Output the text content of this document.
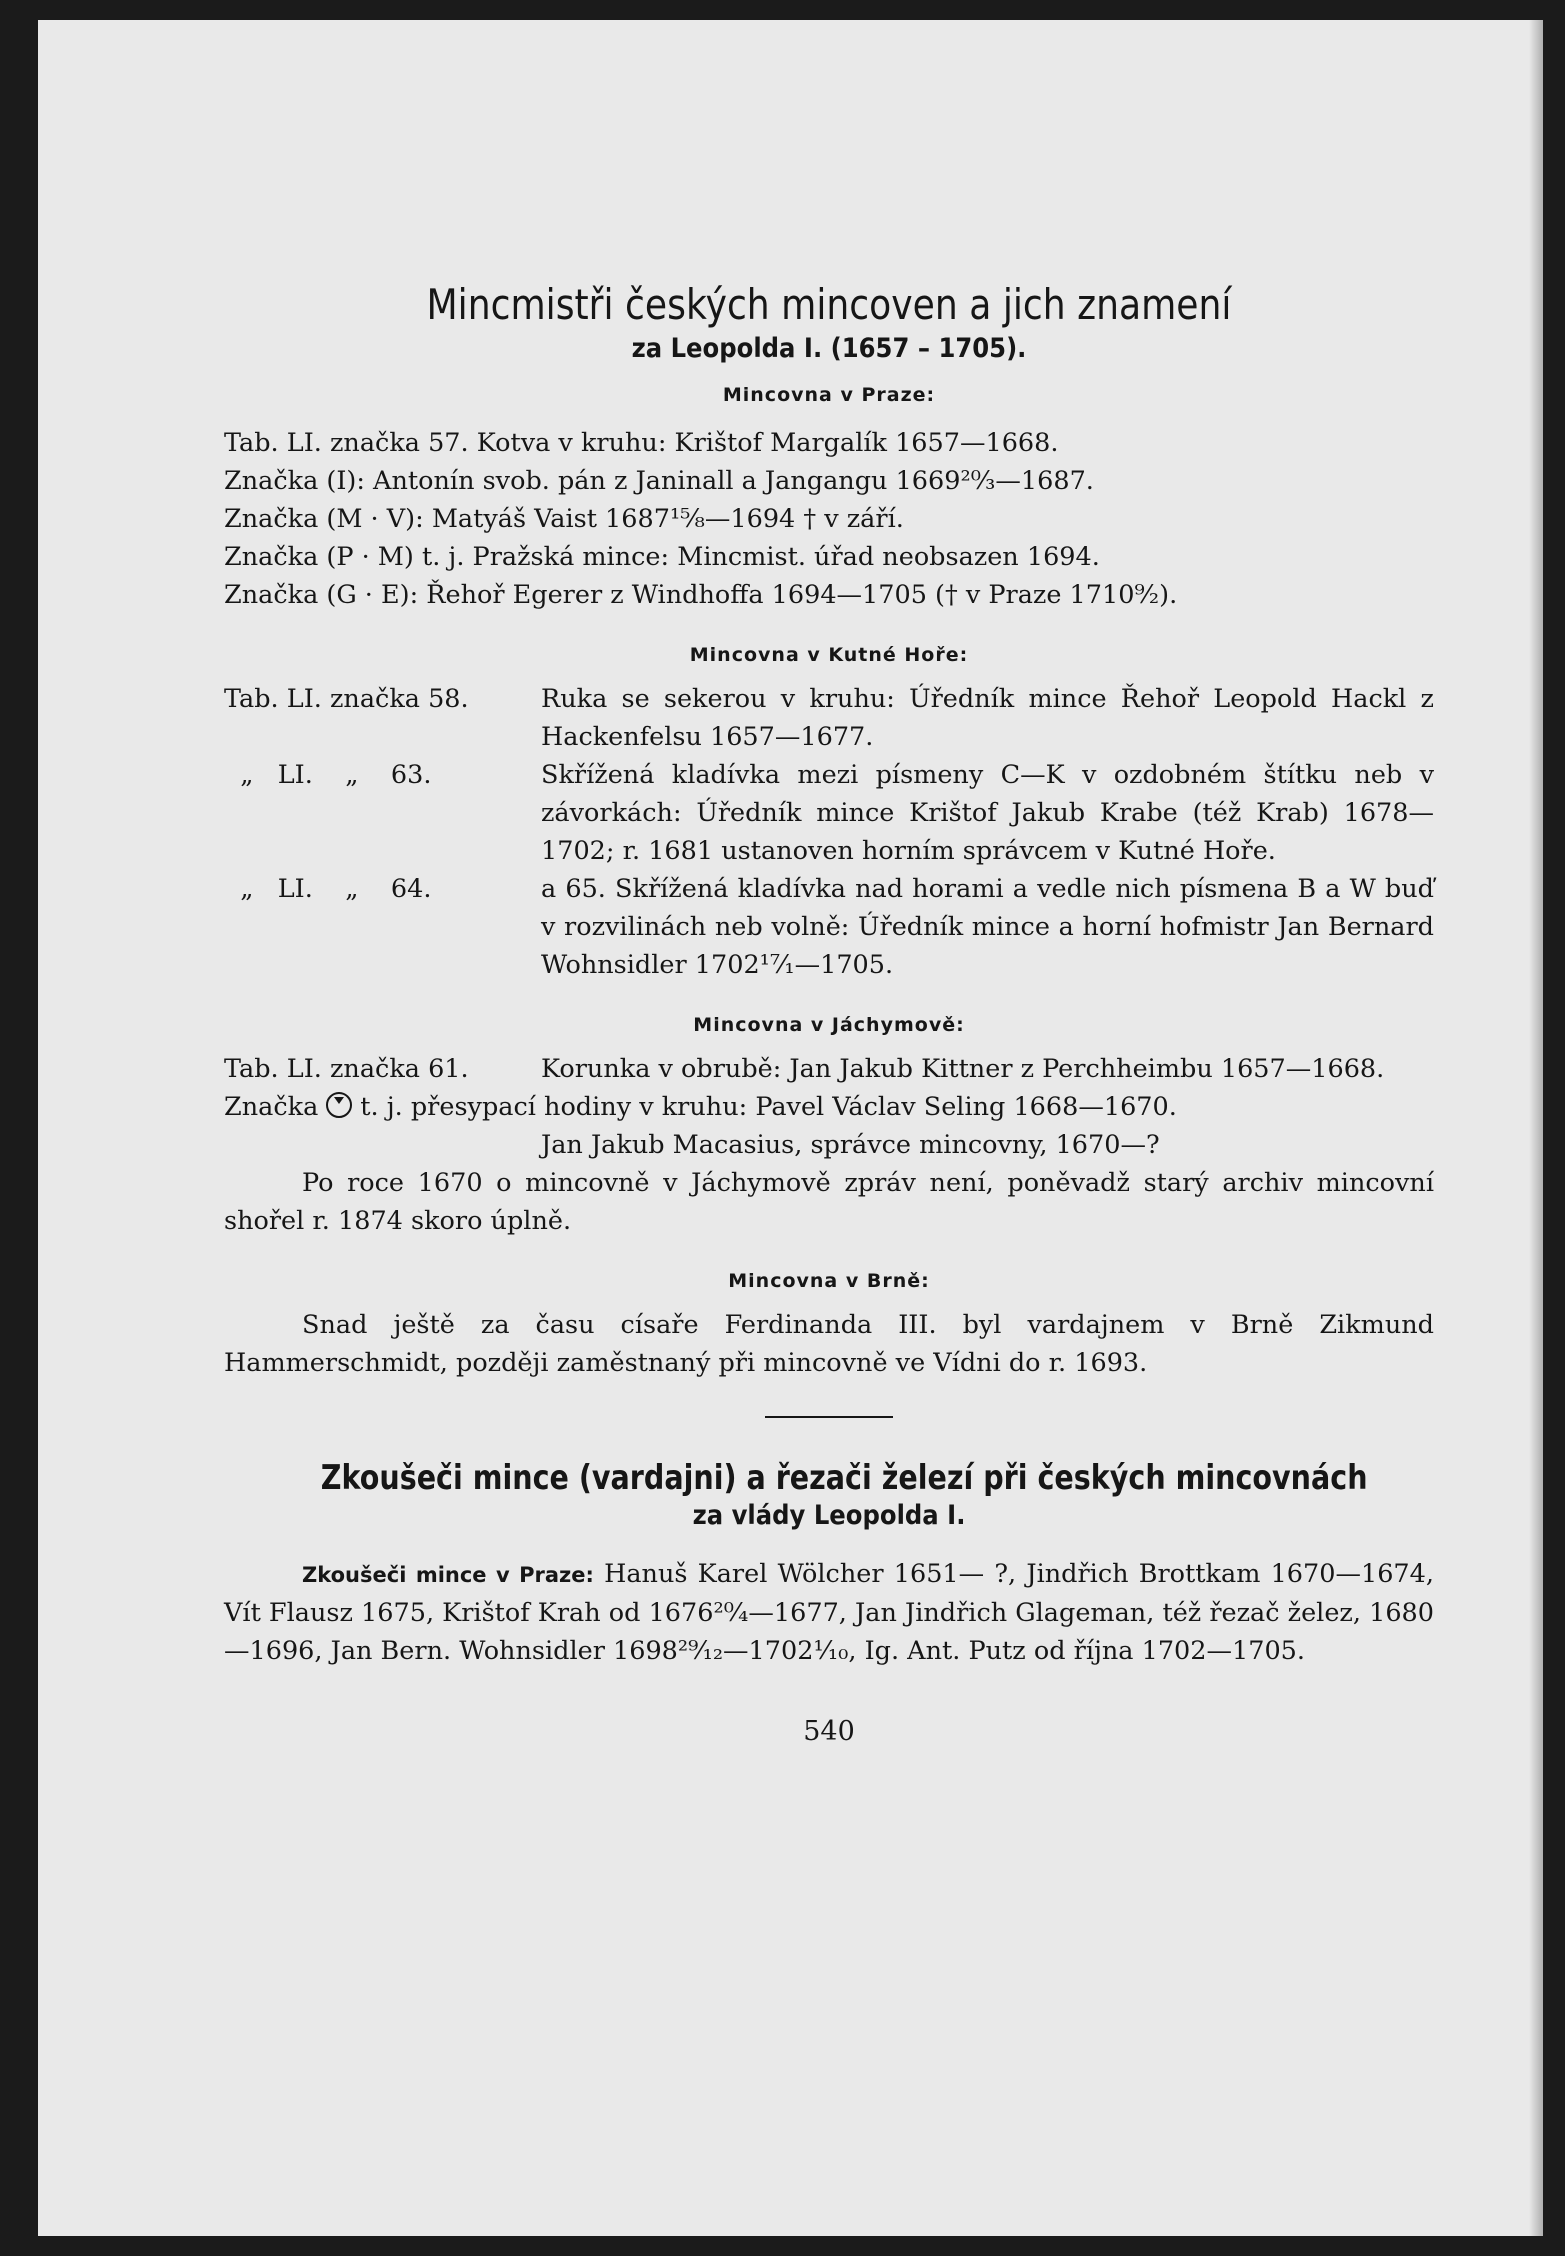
Mincmistři českých mincoven a jich znamení
za Leopolda I. (1657 – 1705).
Mincovna v Praze:

Tab. LI. značka 57. Kotva v kruhu: Krištof Margalík 1657—1668.

Značka (I): Antonín svob. pán z Janinall a Jangangu 1669²⁰⁄₃—1687.

Značka (M · V): Matyáš Vaist 1687¹⁵⁄₈—1694 † v září.

Značka (P · M) t. j. Pražská mince: Mincmist. úřad neobsazen 1694.

Značka (G · E): Řehoř Egerer z Windhoffa 1694—1705 († v Praze 1710⁹⁄₂).

Mincovna v Kutné Hoře:
Tab. LI. značka 58.	Ruka se sekerou v kruhu: Úředník mince Řehoř Leopold Hackl z Hackenfelsu 1657—1677.
„   LI.    „    63.	Skřížená kladívka mezi písmeny C—K v ozdobném štítku neb v závorkách: Úředník mince Krištof Jakub Krabe (též Krab) 1678—1702; r. 1681 ustanoven horním správcem v Kutné Hoře.
„   LI.    „    64.	a 65. Skřížená kladívka nad horami a vedle nich písmena B a W buď v rozvilinách neb volně: Úředník mince a horní hofmistr Jan Bernard Wohnsidler 1702¹⁷⁄₁—1705.
Mincovna v Jáchymově:
Tab. LI. značka 61.	Korunka v obrubě: Jan Jakub Kittner z Perchheimbu 1657—1668.

Značka t. j. přesypací hodiny v kruhu: Pavel Václav Seling 1668—1670.

Jan Jakub Macasius, správce mincovny, 1670—?

Po roce 1670 o mincovně v Jáchymově zpráv není, poněvadž starý archiv mincovní shořel r. 1874 skoro úplně.

Mincovna v Brně:

Snad ještě za času císaře Ferdinanda III. byl vardajnem v Brně Zikmund Hammerschmidt, později zaměstnaný při mincovně ve Vídni do r. 1693.

Zkoušeči mince (vardajni) a řezači železí při českých mincovnách
za vlády Leopolda I.

Zkoušeči mince v Praze: Hanuš Karel Wölcher 1651— ?, Jindřich Brottkam 1670—1674, Vít Flausz 1675, Krištof Krah od 1676²⁰⁄₄—1677, Jan Jindřich Glageman, též řezač želez, 1680—1696, Jan Bern. Wohnsidler 1698²⁹⁄₁₂—1702¹⁄₁₀, Ig. Ant. Putz od října 1702—1705.

540
